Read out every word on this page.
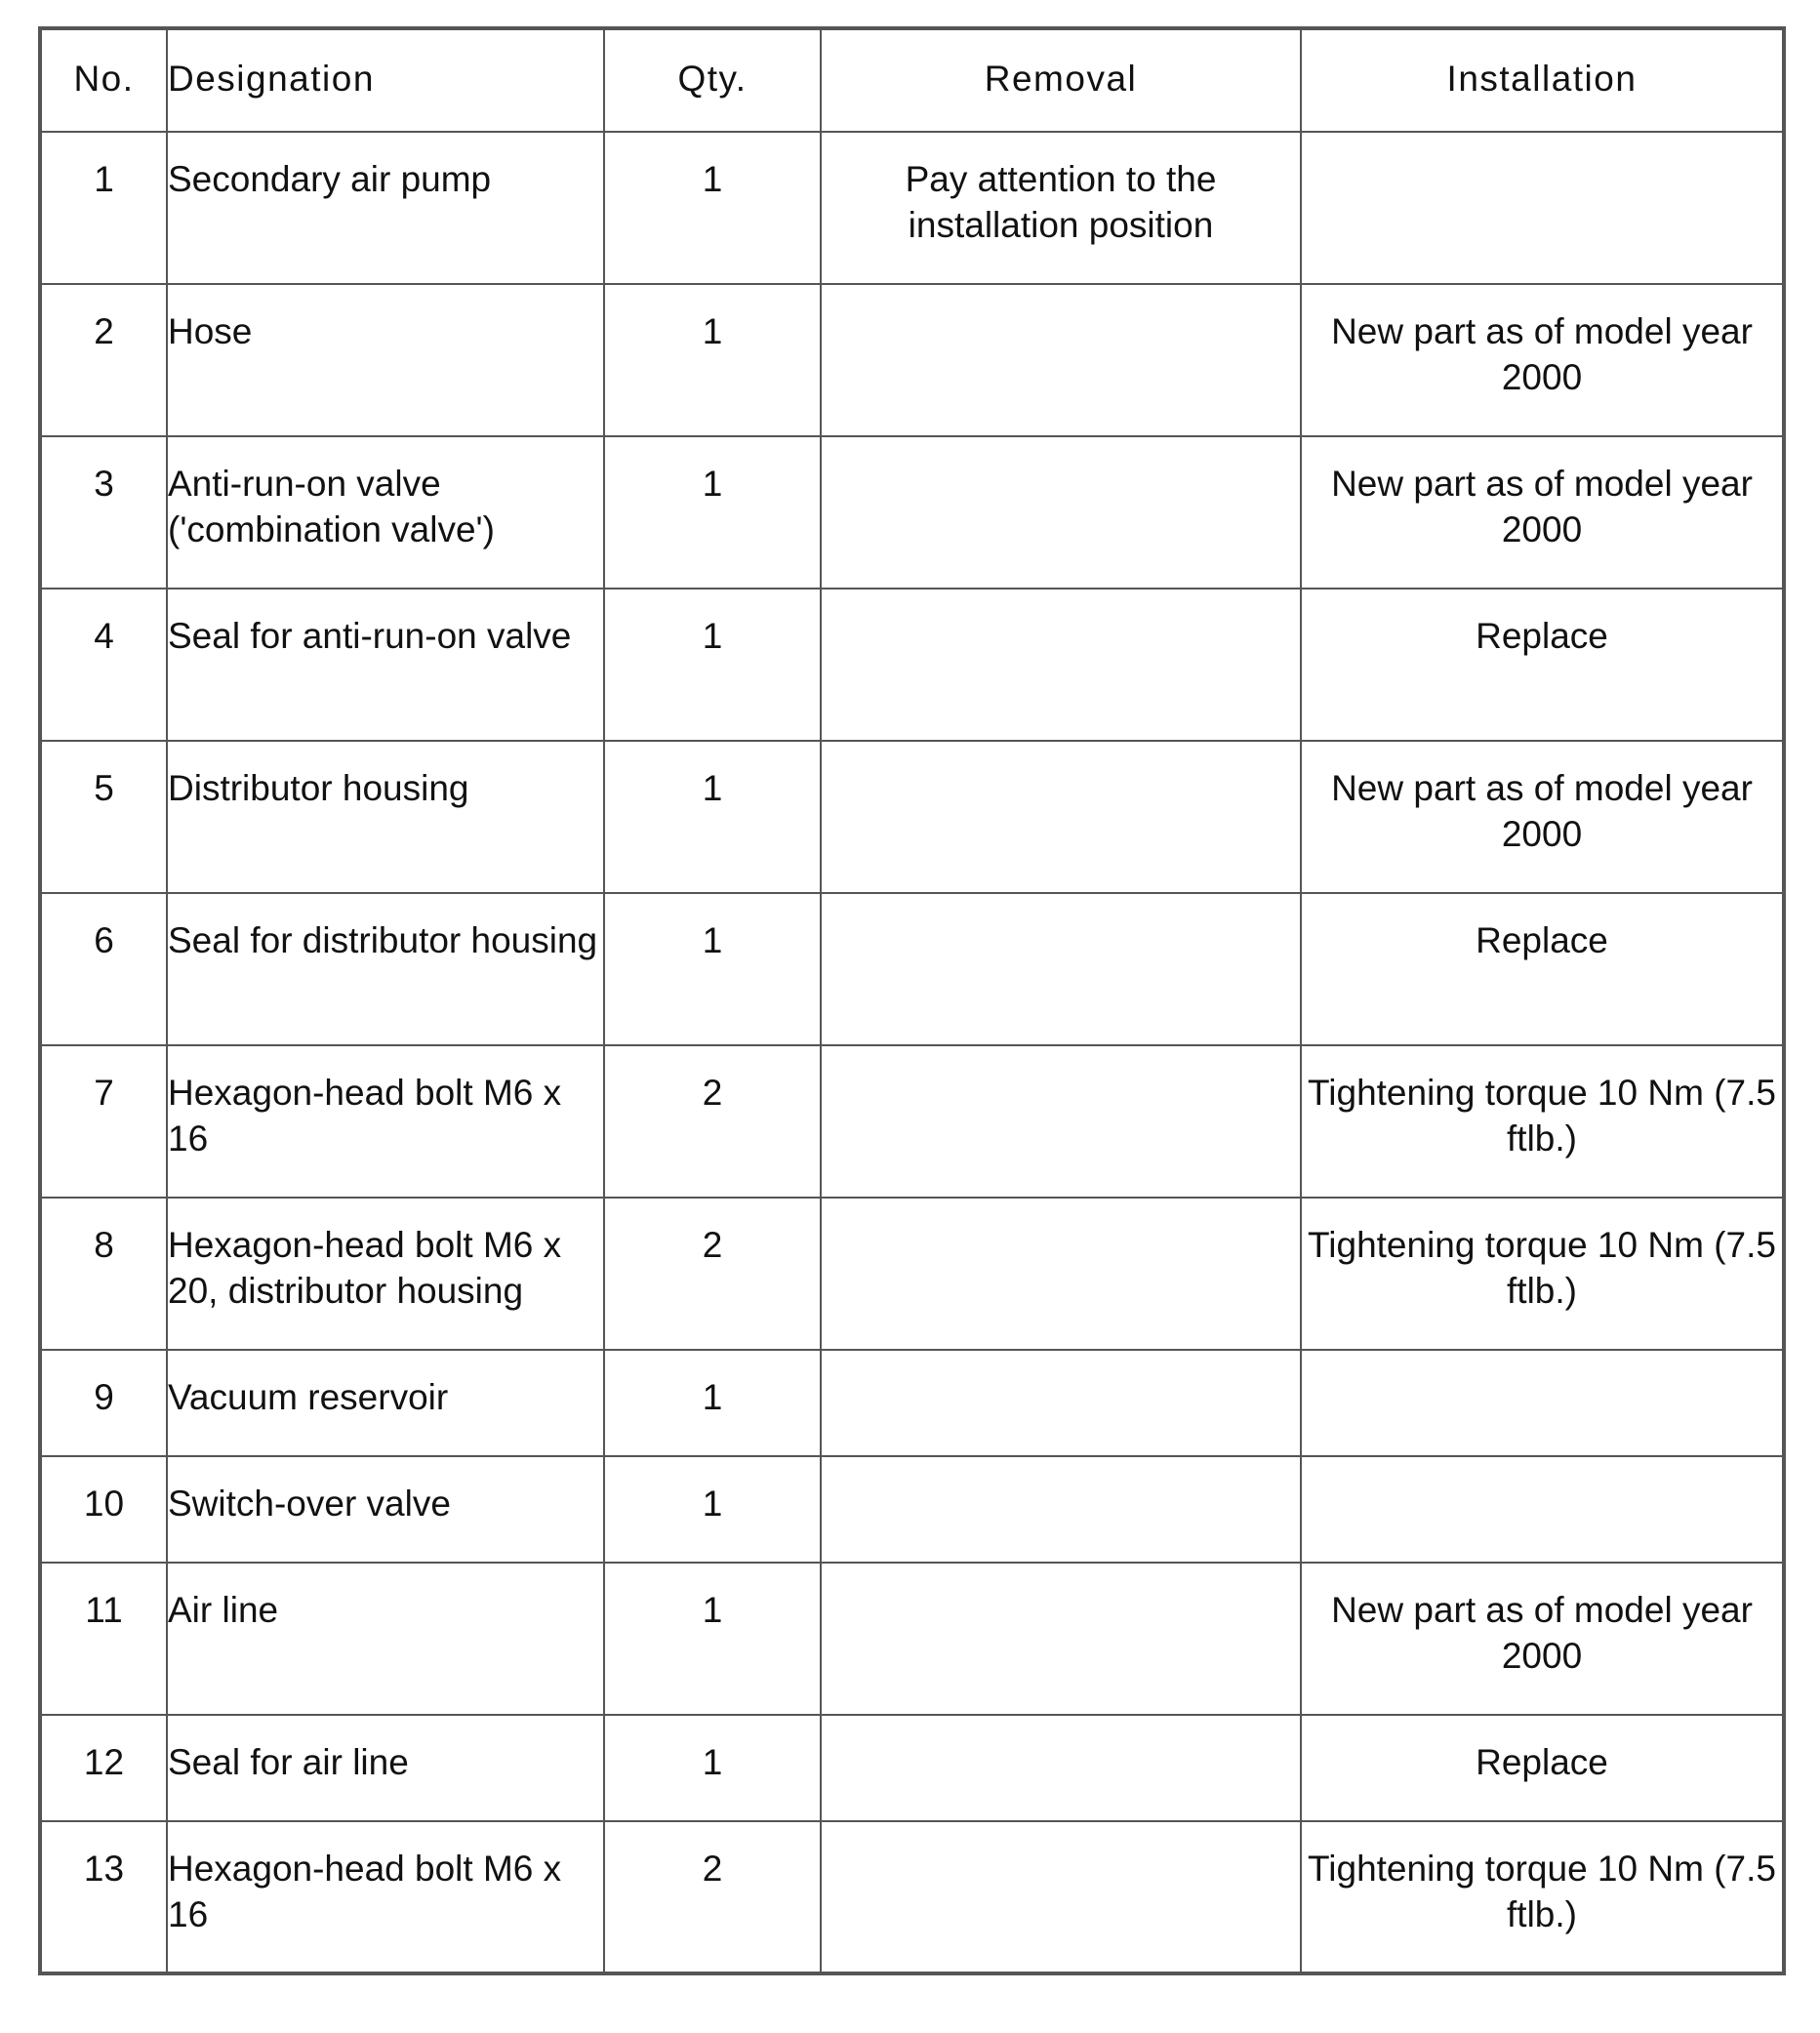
No.	Designation	Qty.	Removal	Installation
1	Secondary air pump	1	Pay attention to the installation position	
2	Hose	1		New part as of model year 2000
3	Anti-run-on valve ('combination valve')	1		New part as of model year 2000
4	Seal for anti-run-on valve	1		Replace
5	Distributor housing	1		New part as of model year 2000
6	Seal for distributor housing	1		Replace
7	Hexagon-head bolt M6 x 16	2		Tightening torque 10 Nm (7.5 ftlb.)
8	Hexagon-head bolt M6 x 20, distributor housing	2		Tightening torque 10 Nm (7.5 ftlb.)
9	Vacuum reservoir	1		
10	Switch-over valve	1		
11	Air line	1		New part as of model year 2000
12	Seal for air line	1		Replace
13	Hexagon-head bolt M6 x 16	2		Tightening torque 10 Nm (7.5 ftlb.)
